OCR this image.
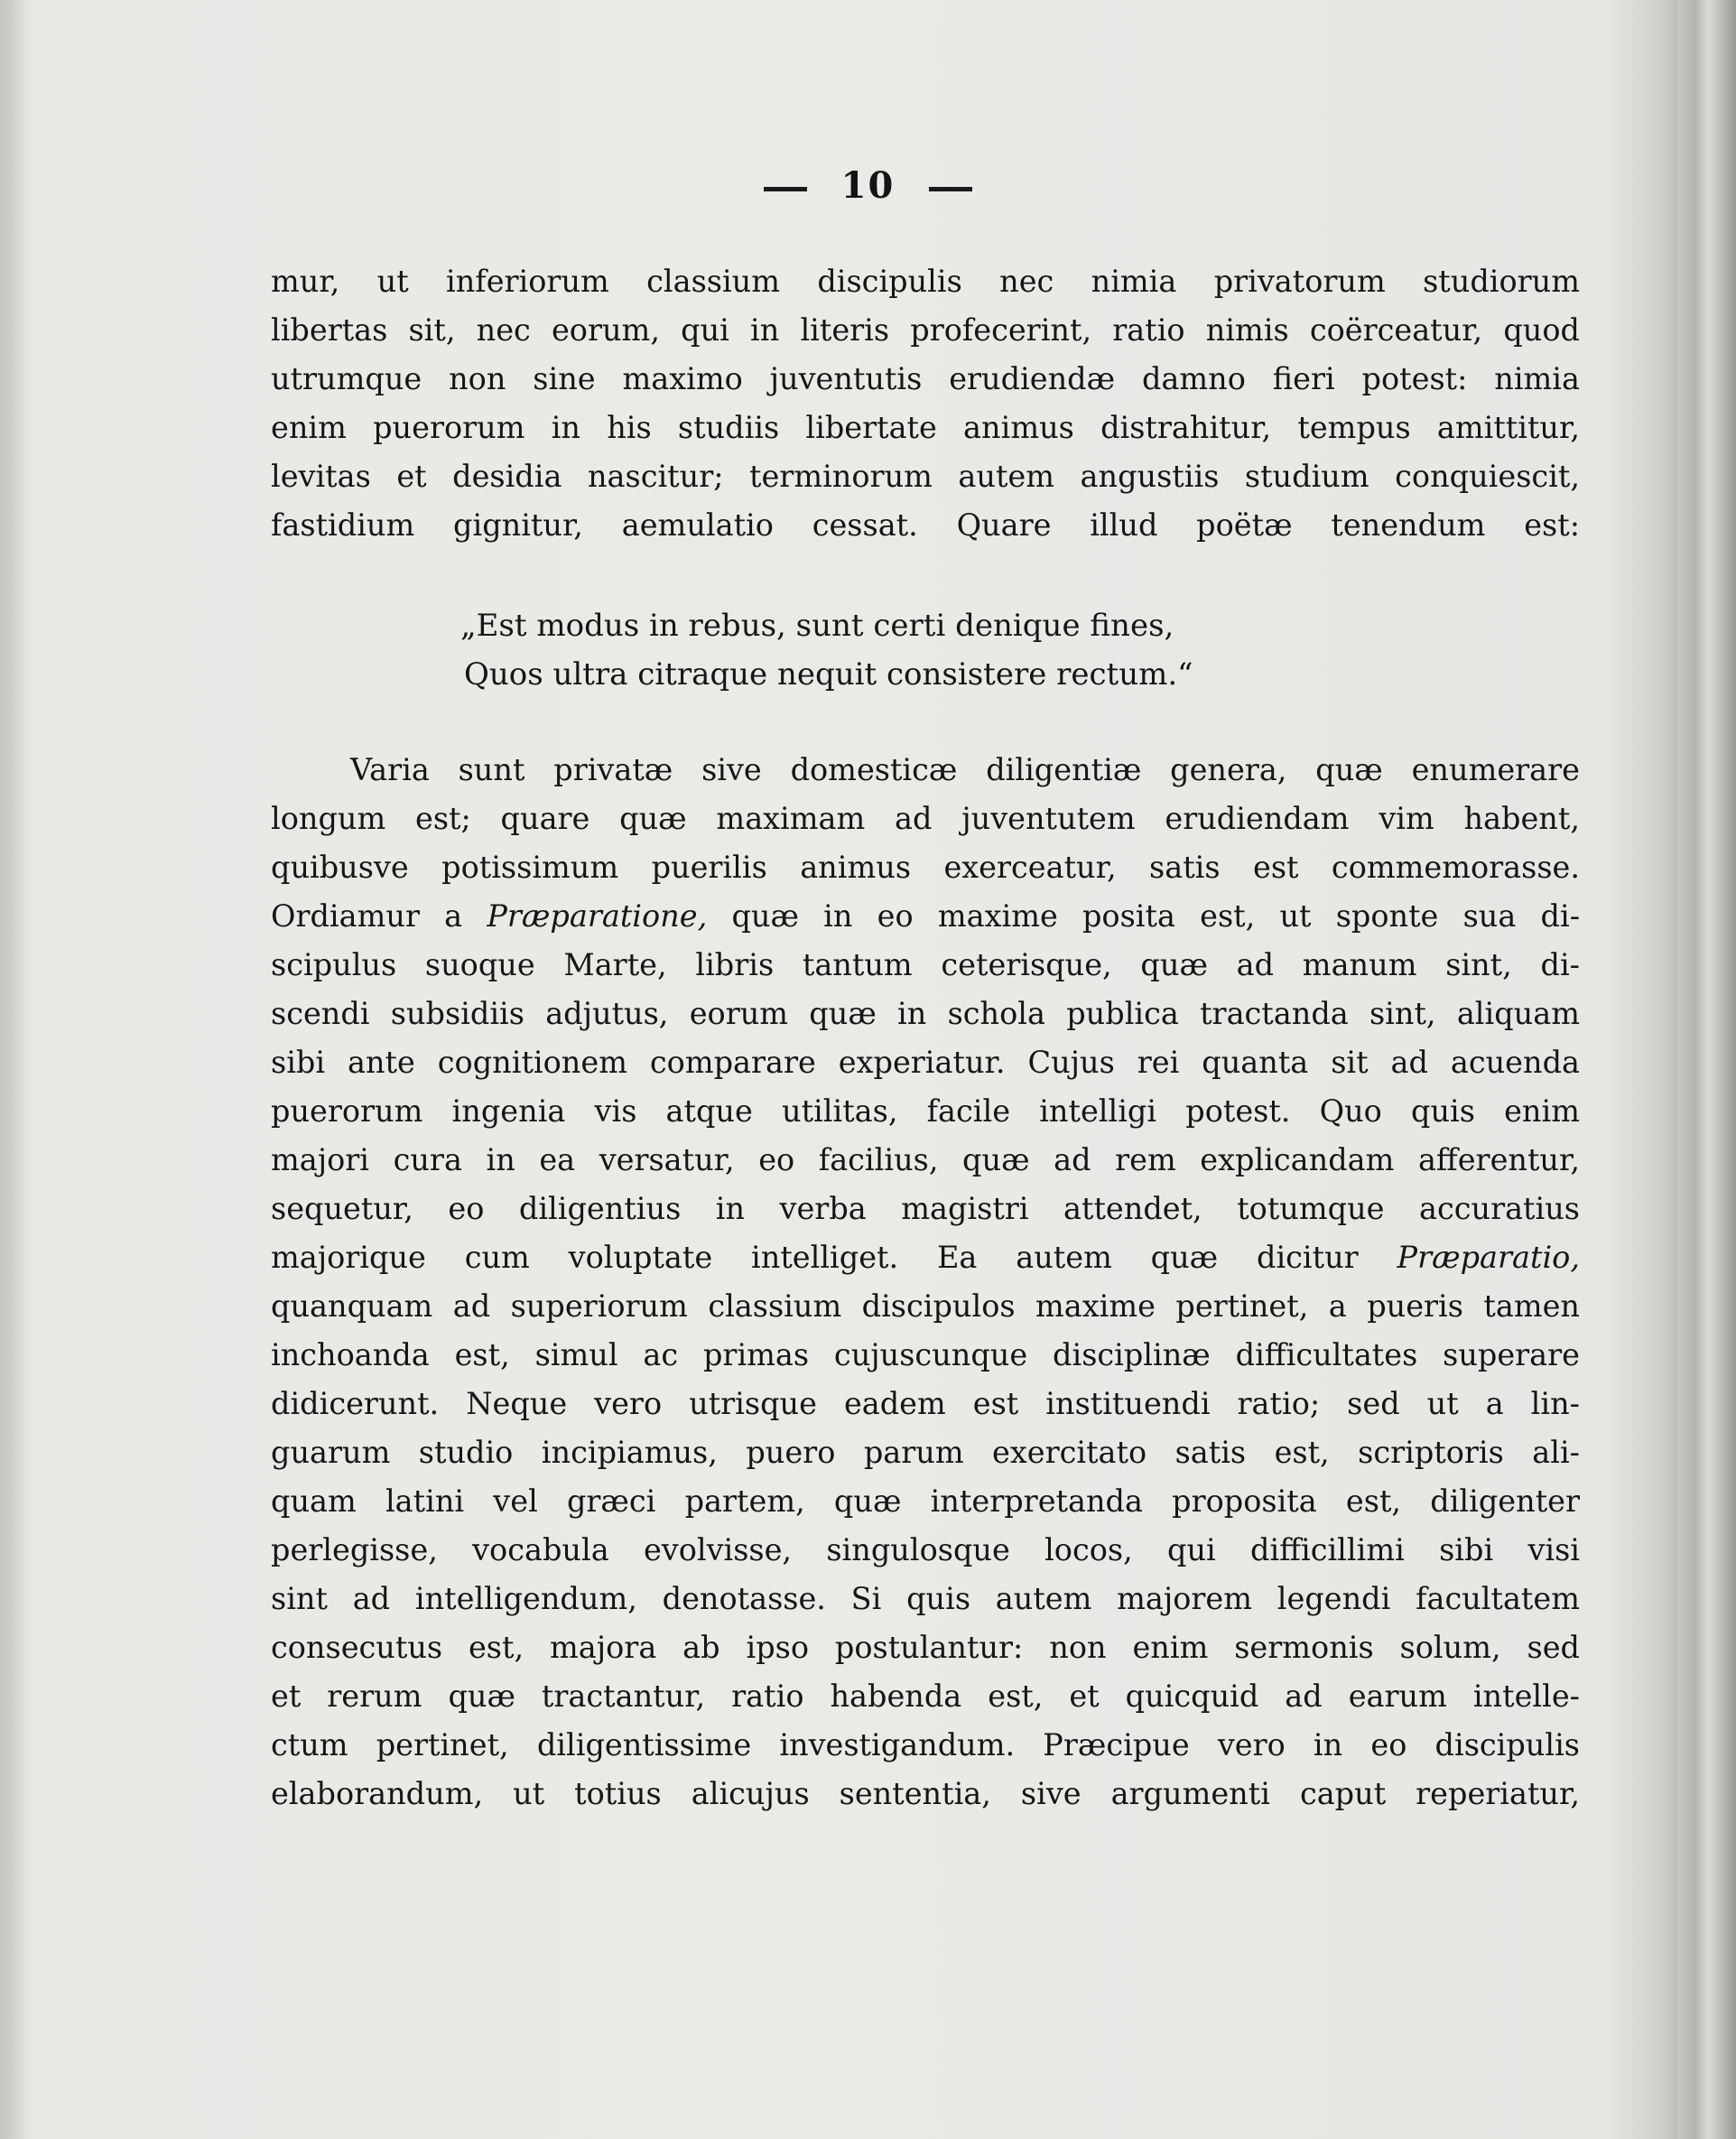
10
mur, ut inferiorum classium discipulis nec nimia privatorum studiorum
libertas sit, nec eorum, qui in literis profecerint, ratio nimis coërceatur, quod
utrumque non sine maximo juventutis erudiendæ damno fieri potest: nimia
enim puerorum in his studiis libertate animus distrahitur, tempus amittitur,
levitas et desidia nascitur; terminorum autem angustiis studium conquiescit,
fastidium gignitur, aemulatio cessat. Quare illud poëtæ tenendum est:
„Est modus in rebus, sunt certi denique fines,
Quos ultra citraque nequit consistere rectum.“
Varia sunt privatæ sive domesticæ diligentiæ genera, quæ enumerare
longum est; quare quæ maximam ad juventutem erudiendam vim habent,
quibusve potissimum puerilis animus exerceatur, satis est commemorasse.
Ordiamur a Præparatione, quæ in eo maxime posita est, ut sponte sua di-
scipulus suoque Marte, libris tantum ceterisque, quæ ad manum sint, di-
scendi subsidiis adjutus, eorum quæ in schola publica tractanda sint, aliquam
sibi ante cognitionem comparare experiatur. Cujus rei quanta sit ad acuenda
puerorum ingenia vis atque utilitas, facile intelligi potest. Quo quis enim
majori cura in ea versatur, eo facilius, quæ ad rem explicandam afferentur,
sequetur, eo diligentius in verba magistri attendet, totumque accuratius
majorique cum voluptate intelliget. Ea autem quæ dicitur Præparatio,
quanquam ad superiorum classium discipulos maxime pertinet, a pueris tamen
inchoanda est, simul ac primas cujuscunque disciplinæ difficultates superare
didicerunt. Neque vero utrisque eadem est instituendi ratio; sed ut a lin-
guarum studio incipiamus, puero parum exercitato satis est, scriptoris ali-
quam latini vel græci partem, quæ interpretanda proposita est, diligenter
perlegisse, vocabula evolvisse, singulosque locos, qui difficillimi sibi visi
sint ad intelligendum, denotasse. Si quis autem majorem legendi facultatem
consecutus est, majora ab ipso postulantur: non enim sermonis solum, sed
et rerum quæ tractantur, ratio habenda est, et quicquid ad earum intelle-
ctum pertinet, diligentissime investigandum. Præcipue vero in eo discipulis
elaborandum, ut totius alicujus sententia, sive argumenti caput reperiatur,
